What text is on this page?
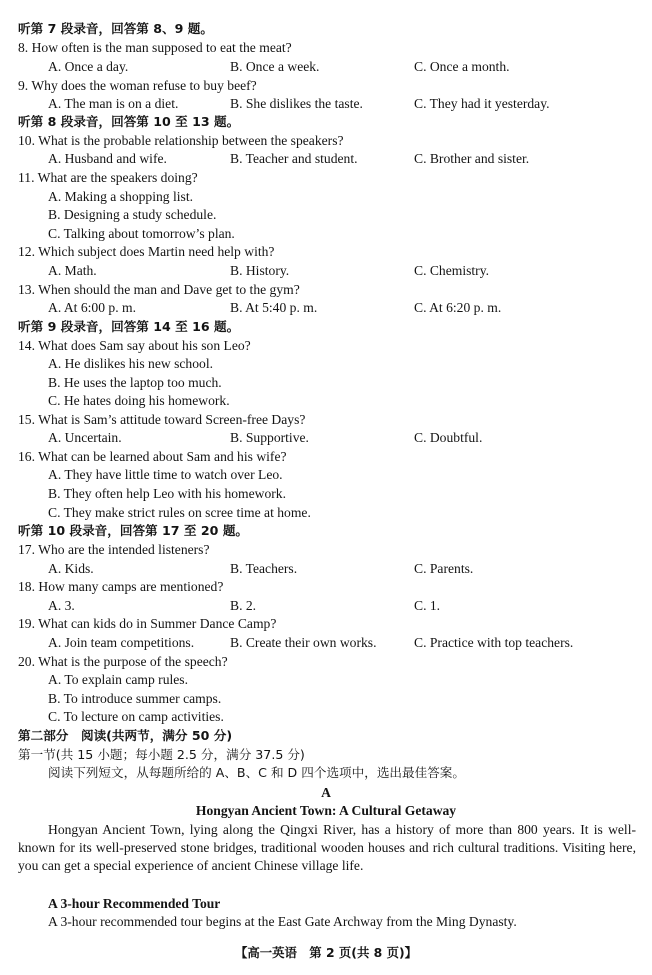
听第 7 段录音，回答第 8、9 题。
8. How often is the man supposed to eat the meat?
A. Once a day.	B. Once a week.	C. Once a month.
9. Why does the woman refuse to buy beef?
A. The man is on a diet.	B. She dislikes the taste.	C. They had it yesterday.
听第 8 段录音，回答第 10 至 13 题。
10. What is the probable relationship between the speakers?
A. Husband and wife.	B. Teacher and student.	C. Brother and sister.
11. What are the speakers doing?
A. Making a shopping list.
B. Designing a study schedule.
C. Talking about tomorrow’s plan.
12. Which subject does Martin need help with?
A. Math.	B. History.	C. Chemistry.
13. When should the man and Dave get to the gym?
A. At 6:00 p. m.	B. At 5:40 p. m.	C. At 6:20 p. m.
听第 9 段录音，回答第 14 至 16 题。
14. What does Sam say about his son Leo?
A. He dislikes his new school.
B. He uses the laptop too much.
C. He hates doing his homework.
15. What is Sam’s attitude toward Screen-free Days?
A. Uncertain.	B. Supportive.	C. Doubtful.
16. What can be learned about Sam and his wife?
A. They have little time to watch over Leo.
B. They often help Leo with his homework.
C. They make strict rules on scree time at home.
听第 10 段录音，回答第 17 至 20 题。
17. Who are the intended listeners?
A. Kids.	B. Teachers.	C. Parents.
18. How many camps are mentioned?
A. 3.	B. 2.	C. 1.
19. What can kids do in Summer Dance Camp?
A. Join team competitions.	B. Create their own works.	C. Practice with top teachers.
20. What is the purpose of the speech?
A. To explain camp rules.
B. To introduce summer camps.
C. To lecture on camp activities.
第二部分　阅读(共两节，满分 50 分)
第一节(共 15 小题；每小题 2.5 分，满分 37.5 分)
阅读下列短文，从每题所给的 A、B、C 和 D 四个选项中，选出最佳答案。
A
Hongyan Ancient Town: A Cultural Getaway
Hongyan Ancient Town, lying along the Qingxi River, has a history of more than 800 years. It is well-known for its well-preserved stone bridges, traditional wooden houses and rich cultural traditions. Visiting here, you can get a special experience of ancient Chinese village life.
A 3-hour Recommended Tour
A 3-hour recommended tour begins at the East Gate Archway from the Ming Dynasty.
【高一英语　第 2 页(共 8 页)】
